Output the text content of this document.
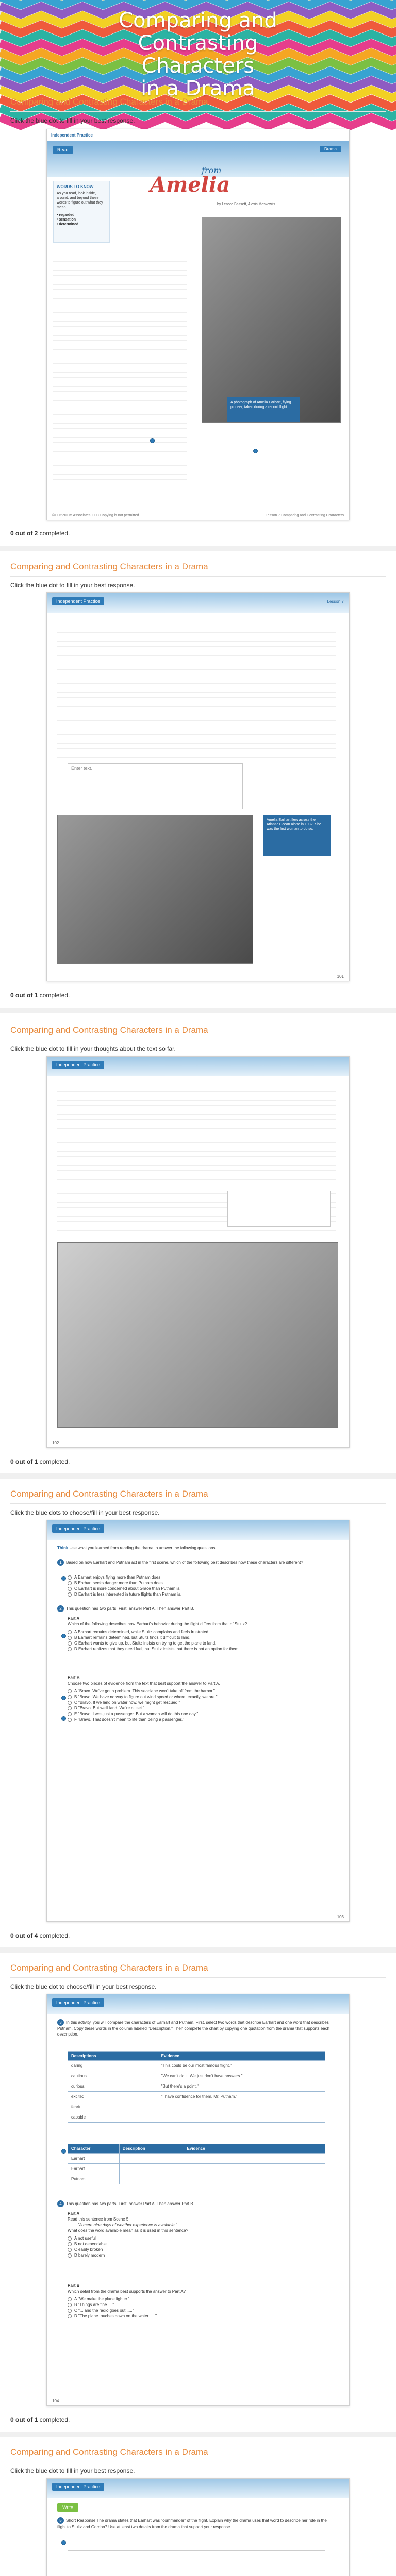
Comparing and
Contrasting Characters
in a Drama
Comparing and Contrasting Characters in a Drama
Click the blue dot to fill in your best response.
Independent Practice
Read	Drama
from
Amelia
by Lenore Bassett, Alexis Moskowitz
WORDS TO KNOW
As you read, look inside, around, and beyond these words to figure out what they mean.
• regarded
• sensation
• determined
A photograph of Amelia Earhart, flying pioneer, taken during a record flight.
©Curriculum Associates, LLC Copying is not permitted.	Lesson 7 Comparing and Contrasting Characters
0 out of 2 completed.
Comparing and Contrasting Characters in a Drama
Click the blue dot to fill in your best response.
Independent Practice	Lesson 7
Enter text.
Amelia Earhart flew across the Atlantic Ocean alone in 1932. She was the first woman to do so.
101
0 out of 1 completed.
Comparing and Contrasting Characters in a Drama
Click the blue dot to fill in your thoughts about the text so far.
Independent Practice
102
0 out of 1 completed.
Comparing and Contrasting Characters in a Drama
Click the blue dots to choose/fill in your best response.
Independent Practice
Think Use what you learned from reading the drama to answer the following questions.
1 Based on how Earhart and Putnam act in the first scene, which of the following best describes how these characters are different?
A Earhart enjoys flying more than Putnam does.
B Earhart seeks danger more than Putnam does.
C Earhart is more concerned about Grace than Putnam is.
D Earhart is less interested in future flights than Putnam is.
2 This question has two parts. First, answer Part A. Then answer Part B.
Part A
Which of the following describes how Earhart's behavior during the flight differs from that of Stultz?
A Earhart remains determined, while Stultz complains and feels frustrated.
B Earhart remains determined, but Stultz finds it difficult to land.
C Earhart wants to give up, but Stultz insists on trying to get the plane to land.
D Earhart realizes that they need fuel, but Stultz insists that there is not an option for them.
Part B
Choose two pieces of evidence from the text that best support the answer to Part A.
A "Bravo. We've got a problem. This seaplane won't take off from the harbor."
B "Bravo. We have no way to figure out wind speed or where, exactly, we are."
C "Bravo. If we land on water now, we might get rescued."
D "Bravo. But we'll land. We're all set."
E "Bravo, I was just a passenger. But a woman will do this one day."
F "Bravo. That doesn't mean to life than being a passenger."
103
0 out of 4 completed.
Comparing and Contrasting Characters in a Drama
Click the blue dot to choose/fill in your best response.
Independent Practice
3 In this activity, you will compare the characters of Earhart and Putnam. First, select two words that describe Earhart and one word that describes Putnam. Copy these words in the column labeled "Description." Then complete the chart by copying one quotation from the drama that supports each description.
Descriptions	Evidence
daring	"This could be our most famous flight."
cautious	"We can't do it. We just don't have answers."
curious	"But there's a point."
excited	"I have confidence for them, Mr. Putnam."
fearful	
capable	
Character	Description	Evidence
Earhart		
Earhart		
Putnam		
4 This question has two parts. First, answer Part A. Then answer Part B.
Part A
Read this sentence from Scene 5.
"A mere nine days of weather experience is available."
What does the word available mean as it is used in this sentence?
A not useful
B not dependable
C easily broken
D barely modern
Part B
Which detail from the drama best supports the answer to Part A?
A "We make the plane lighter."
B "Things are fine....."
C "... and the radio goes out ....."
D "The plane touches down on the water. ...."
104
0 out of 1 completed.
Comparing and Contrasting Characters in a Drama
Click the blue dot to fill in your best response.
Independent Practice
Write
5 Short Response The drama states that Earhart was "commander" of the flight. Explain why the drama uses that word to describe her role in the flight to Stultz and Gordon? Use at least two details from the drama that support your response.
